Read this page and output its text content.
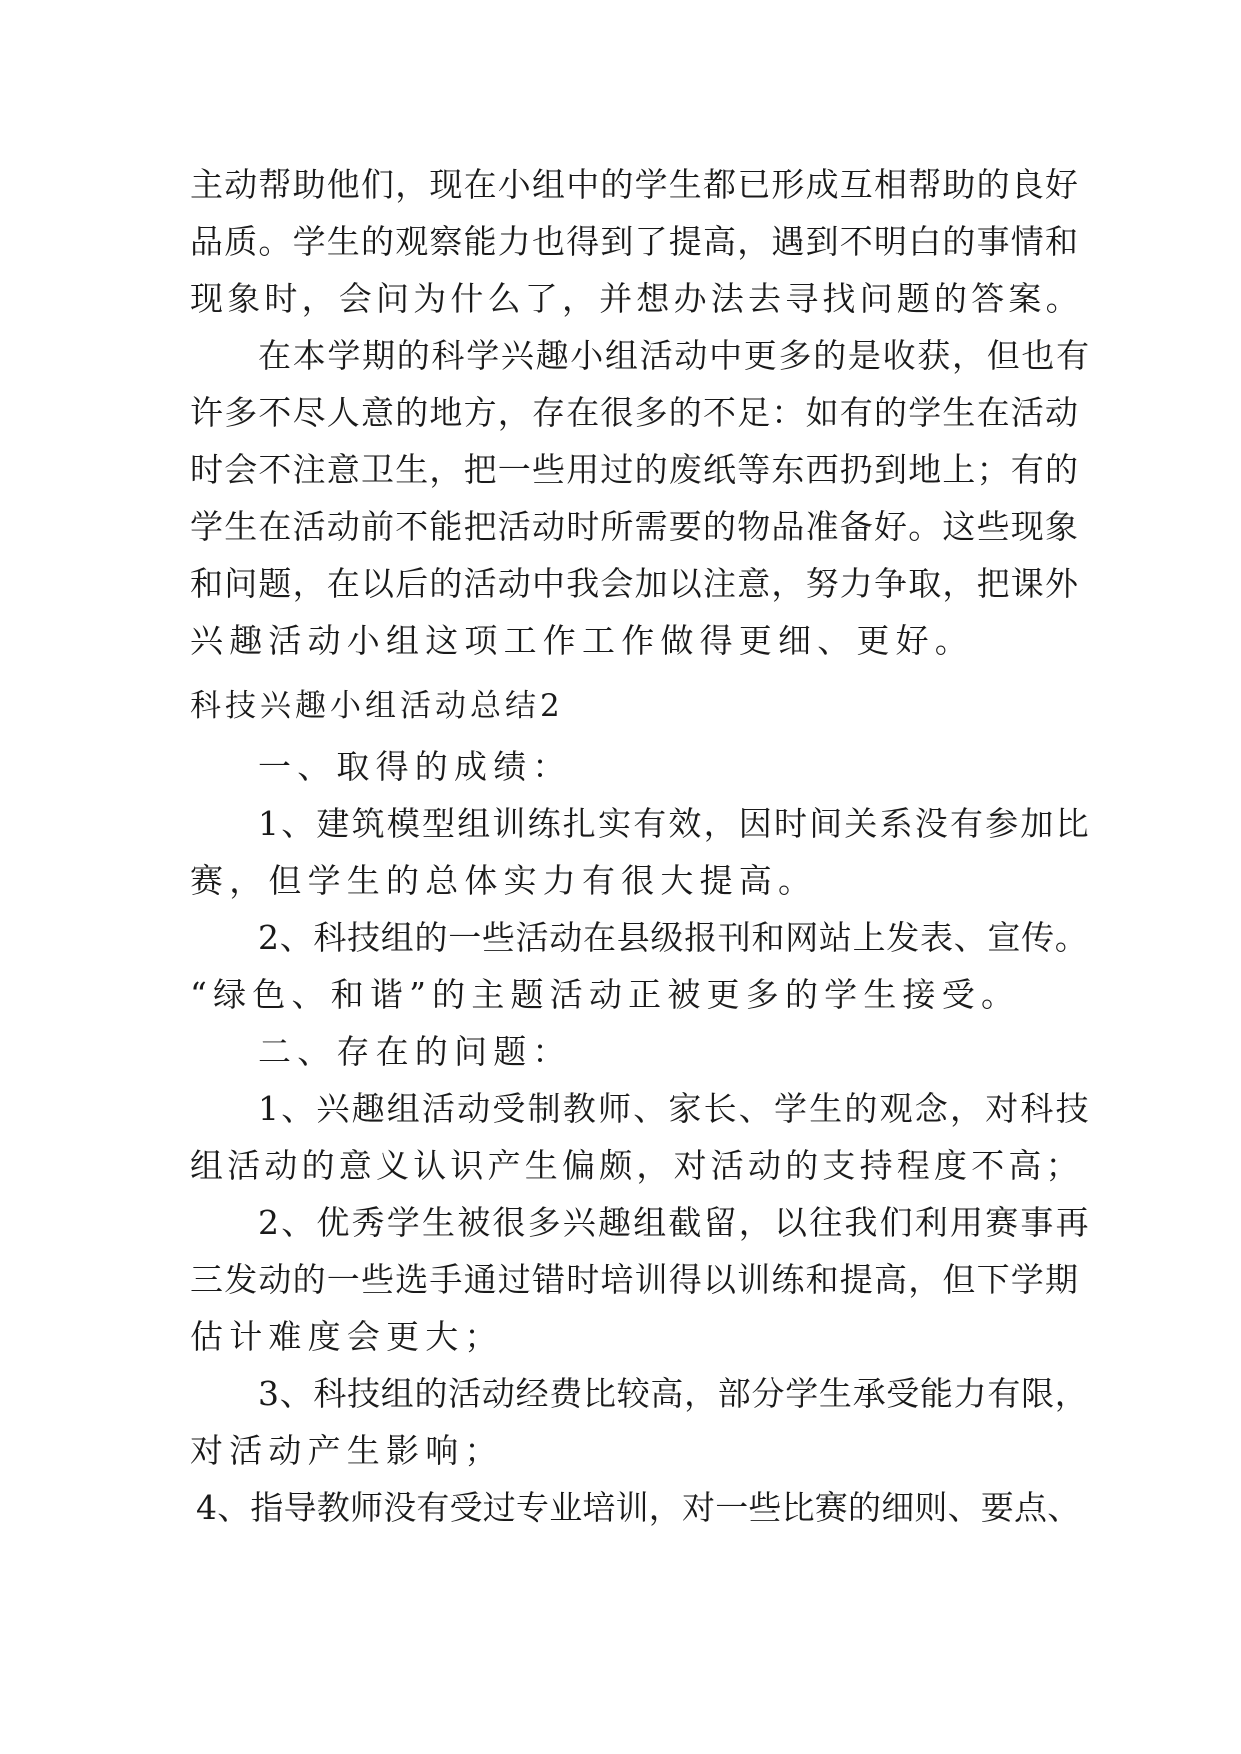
主动帮助他们，现在小组中的学生都已形成互相帮助的良好
品质。学生的观察能力也得到了提高，遇到不明白的事情和
现象时，会问为什么了，并想办法去寻找问题的答案。
在本学期的科学兴趣小组活动中更多的是收获，但也有
许多不尽人意的地方，存在很多的不足：如有的学生在活动
时会不注意卫生，把一些用过的废纸等东西扔到地上；有的
学生在活动前不能把活动时所需要的物品准备好。这些现象
和问题，在以后的活动中我会加以注意，努力争取，把课外
兴趣活动小组这项工作工作做得更细、更好。
科技兴趣小组活动总结2
一、取得的成绩：
1、建筑模型组训练扎实有效，因时间关系没有参加比
赛，但学生的总体实力有很大提高。
2、科技组的一些活动在县级报刊和网站上发表、宣传。
“绿色、和谐”的主题活动正被更多的学生接受。
二、存在的问题：
1、兴趣组活动受制教师、家长、学生的观念，对科技
组活动的意义认识产生偏颇，对活动的支持程度不高；
2、优秀学生被很多兴趣组截留，以往我们利用赛事再
三发动的一些选手通过错时培训得以训练和提高，但下学期
估计难度会更大；
3、科技组的活动经费比较高，部分学生承受能力有限，
对活动产生影响；
4、指导教师没有受过专业培训，对一些比赛的细则、要点、
